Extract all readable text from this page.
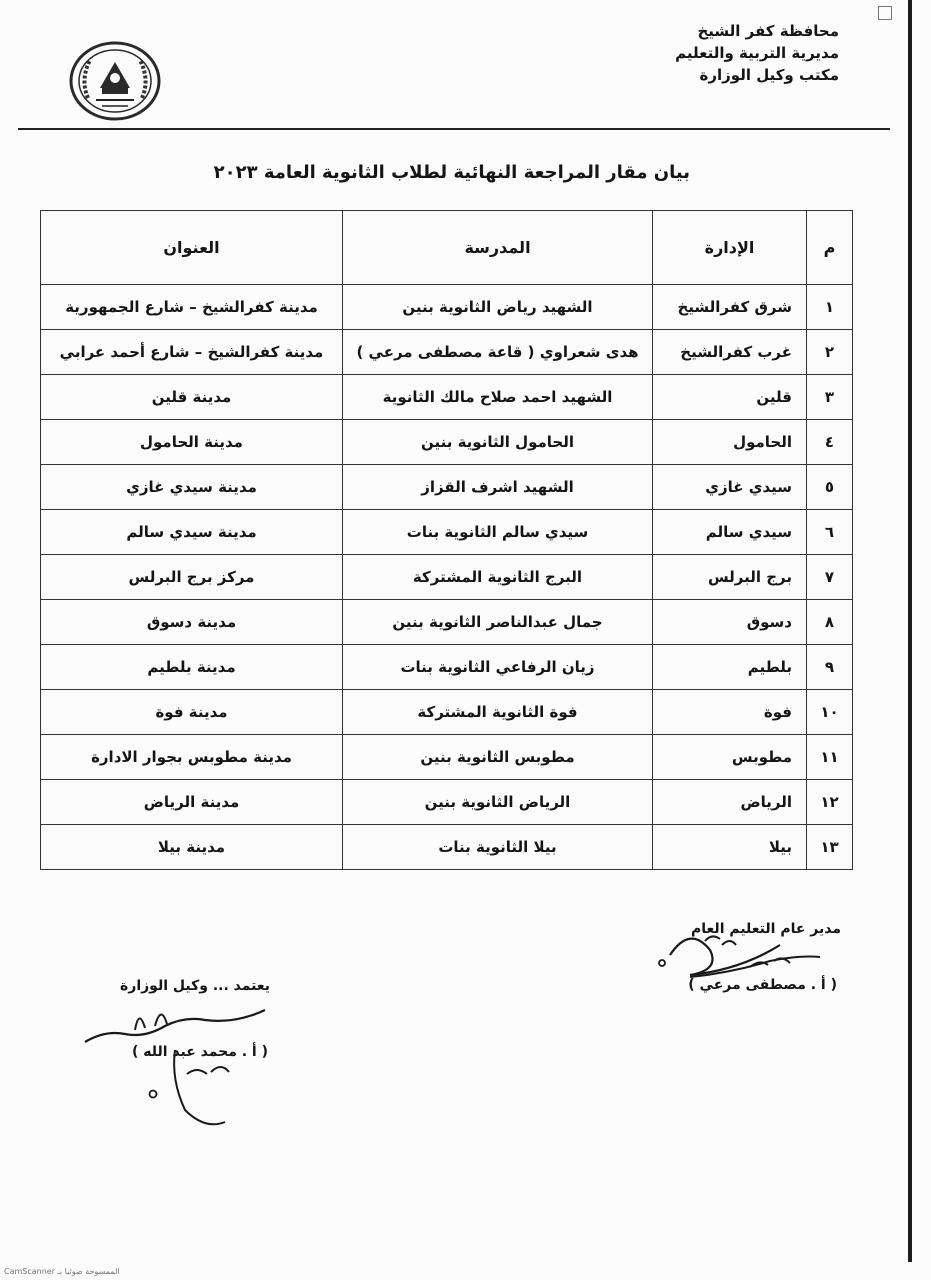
محافظة كفر الشيخ
مديرية التربية والتعليم
مكتب وكيل الوزارة
بيان مقار المراجعة النهائية لطلاب الثانوية العامة ٢٠٢٣
م	الإدارة	المدرسة	العنوان
١	شرق كفرالشيخ	الشهيد رياض الثانوية بنين	مدينة كفرالشيخ – شارع الجمهورية
٢	غرب كفرالشيخ	هدى شعراوي ( قاعة مصطفى مرعي )	مدينة كفرالشيخ – شارع أحمد عرابي
٣	قلين	الشهيد احمد صلاح مالك الثانوية	مدينة قلين
٤	الحامول	الحامول الثانوية بنين	مدينة الحامول
٥	سيدي غازي	الشهيد اشرف القزاز	مدينة سيدي غازي
٦	سيدي سالم	سيدي سالم الثانوية بنات	مدينة سيدي سالم
٧	برج البرلس	البرج الثانوية المشتركة	مركز برج البرلس
٨	دسوق	جمال عبدالناصر الثانوية بنين	مدينة دسوق
٩	بلطيم	زيان الرفاعي الثانوية بنات	مدينة بلطيم
١٠	فوة	فوة الثانوية المشتركة	مدينة فوة
١١	مطوبس	مطوبس الثانوية بنين	مدينة مطوبس بجوار الادارة
١٢	الرياض	الرياض الثانوية بنين	مدينة الرياض
١٣	بيلا	بيلا الثانوية بنات	مدينة بيلا
مدير عام التعليم العام
( أ . مصطفى مرعي )
يعتمد ... وكيل الوزارة
( أ . محمد عبد الله )
الممسوحة ضوئيا بـ CamScanner
